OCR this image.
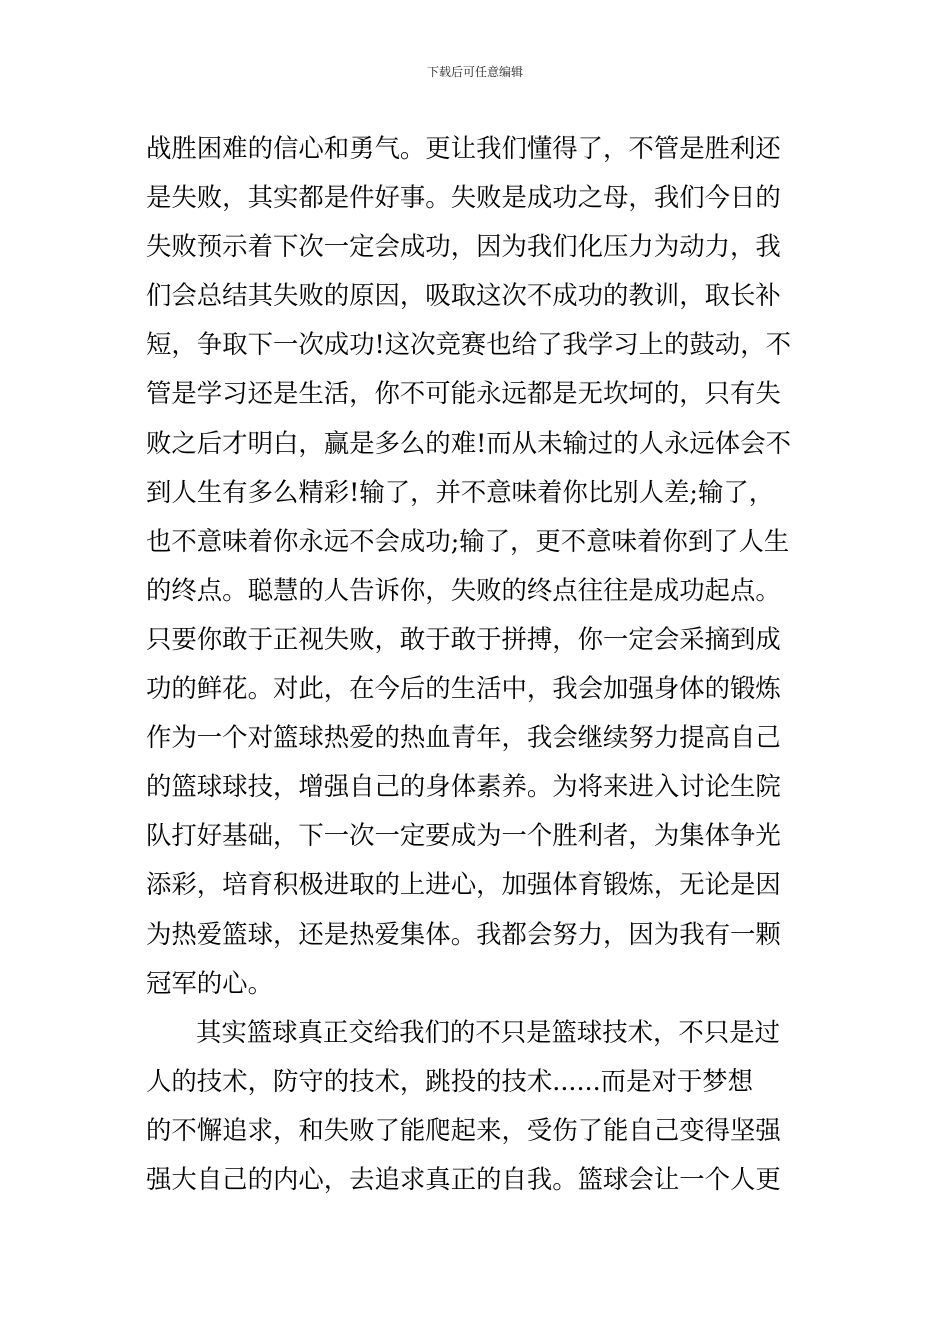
下载后可任意编辑
战胜困难的信心和勇气。更让我们懂得了，不管是胜利还
是失败，其实都是件好事。失败是成功之母，我们今日的
失败预示着下次一定会成功，因为我们化压力为动力，我
们会总结其失败的原因，吸取这次不成功的教训，取长补
短，争取下一次成功!这次竞赛也给了我学习上的鼓动，不
管是学习还是生活，你不可能永远都是无坎坷的，只有失
败之后才明白，赢是多么的难!而从未输过的人永远体会不
到人生有多么精彩!输了，并不意味着你比别人差;输了，
也不意味着你永远不会成功;输了，更不意味着你到了人生
的终点。聪慧的人告诉你，失败的终点往往是成功起点。
只要你敢于正视失败，敢于敢于拼搏，你一定会采摘到成
功的鲜花。对此，在今后的生活中，我会加强身体的锻炼
作为一个对篮球热爱的热血青年，我会继续努力提高自己
的篮球球技，增强自己的身体素养。为将来进入讨论生院
队打好基础，下一次一定要成为一个胜利者，为集体争光
添彩，培育积极进取的上进心，加强体育锻炼，无论是因
为热爱篮球，还是热爱集体。我都会努力，因为我有一颗
冠军的心。
其实篮球真正交给我们的不只是篮球技术，不只是过
人的技术，防守的技术，跳投的技术......而是对于梦想
的不懈追求，和失败了能爬起来，受伤了能自己变得坚强
强大自己的内心，去追求真正的自我。篮球会让一个人更
